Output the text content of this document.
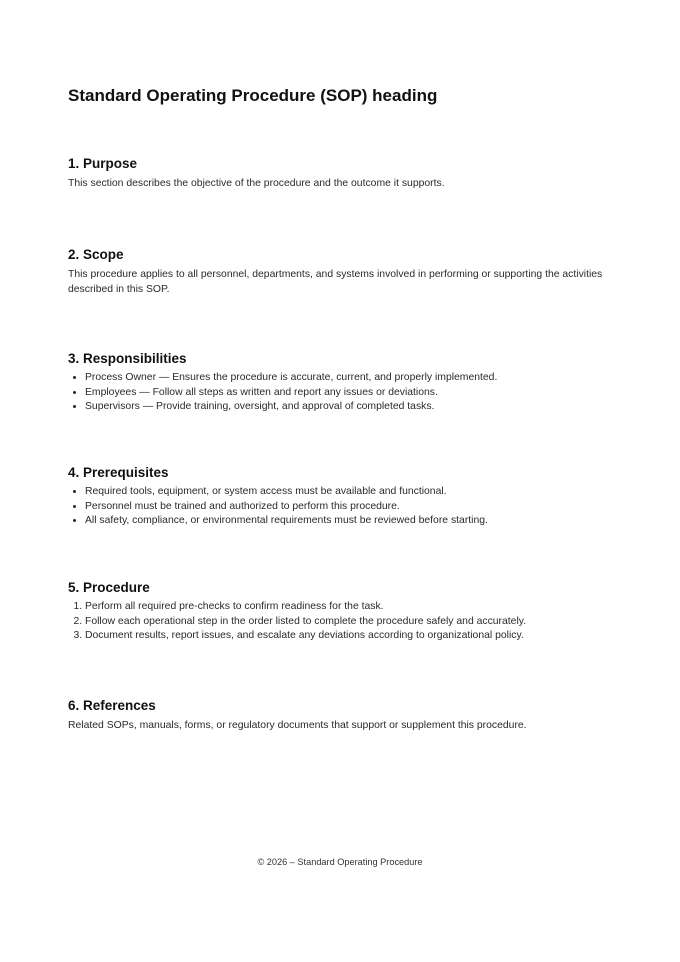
Standard Operating Procedure (SOP) heading
1. Purpose

This section describes the objective of the procedure and the outcome it supports.

2. Scope

This procedure applies to all personnel, departments, and systems involved in performing or supporting the activities described in this SOP.

3. Responsibilities
• Process Owner — Ensures the procedure is accurate, current, and properly implemented.
• Employees — Follow all steps as written and report any issues or deviations.
• Supervisors — Provide training, oversight, and approval of completed tasks.
4. Prerequisites
• Required tools, equipment, or system access must be available and functional.
• Personnel must be trained and authorized to perform this procedure.
• All safety, compliance, or environmental requirements must be reviewed before starting.
5. Procedure
1. Perform all required pre-checks to confirm readiness for the task.
2. Follow each operational step in the order listed to complete the procedure safely and accurately.
3. Document results, report issues, and escalate any deviations according to organizational policy.
6. References

Related SOPs, manuals, forms, or regulatory documents that support or supplement this procedure.

© 2026 – Standard Operating Procedure
